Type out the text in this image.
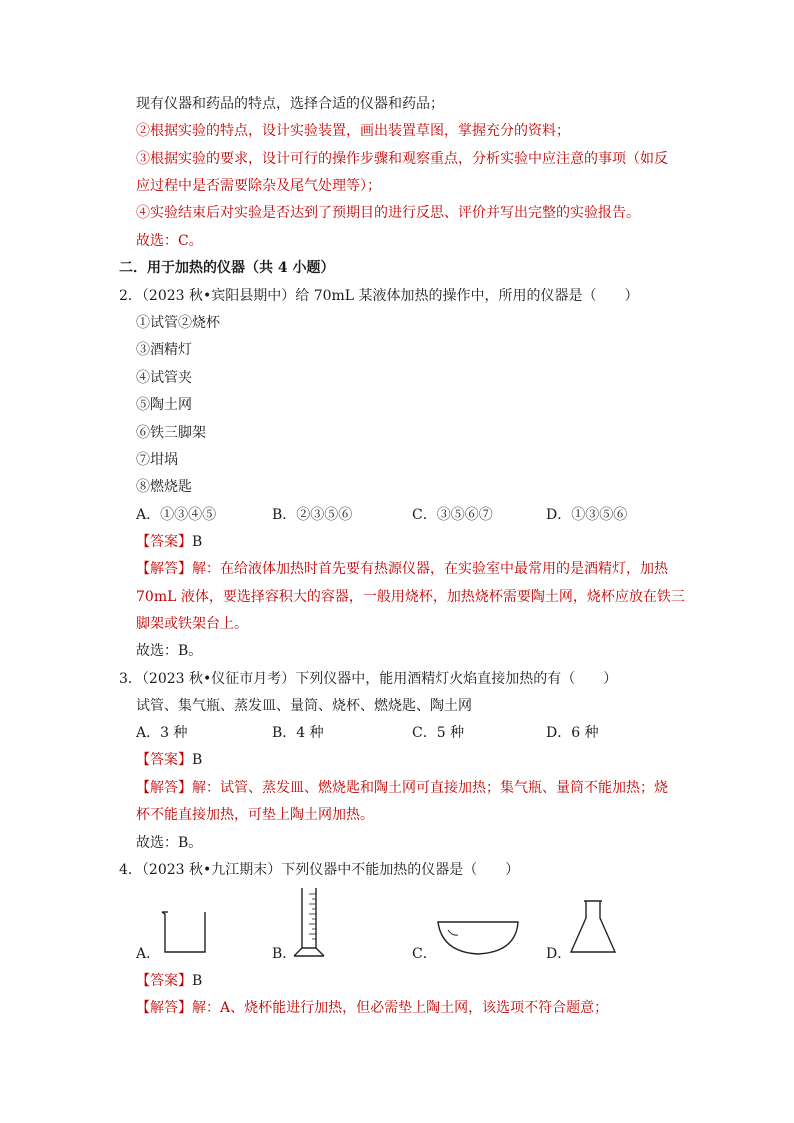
现有仪器和药品的特点，选择合适的仪器和药品；
②根据实验的特点，设计实验装置，画出装置草图，掌握充分的资料；
③根据实验的要求，设计可行的操作步骤和观察重点，分析实验中应注意的事项（如反
应过程中是否需要除杂及尾气处理等）；
④实验结束后对实验是否达到了预期目的进行反思、评价并写出完整的实验报告。
故选：C。
二．用于加热的仪器（共 4 小题）
2．（2023 秋•宾阳县期中）给 70mL 某液体加热的操作中，所用的仪器是（　　）
①试管②烧杯
③酒精灯
④试管夹
⑤陶土网
⑥铁三脚架
⑦坩埚
⑧燃烧匙
A．①③④⑤	B．②③⑤⑥	C．③⑤⑥⑦	D．①③⑤⑥
【答案】B
【解答】解：在给液体加热时首先要有热源仪器，在实验室中最常用的是酒精灯，加热
70mL 液体，要选择容积大的容器，一般用烧杯，加热烧杯需要陶土网，烧杯应放在铁三
脚架或铁架台上。
故选：B。
3．（2023 秋•仪征市月考）下列仪器中，能用酒精灯火焰直接加热的有（　　）
试管、集气瓶、蒸发皿、量筒、烧杯、燃烧匙、陶土网
A．3 种	B．4 种	C．5 种	D．6 种
【答案】B
【解答】解：试管、蒸发皿、燃烧匙和陶土网可直接加热；集气瓶、量筒不能加热；烧
杯不能直接加热，可垫上陶土网加热。
故选：B。
4．（2023 秋•九江期末）下列仪器中不能加热的仪器是（　　）
A．	B．	C．	D．
【答案】B
【解答】解：A、烧杯能进行加热，但必需垫上陶土网，该选项不符合题意；
